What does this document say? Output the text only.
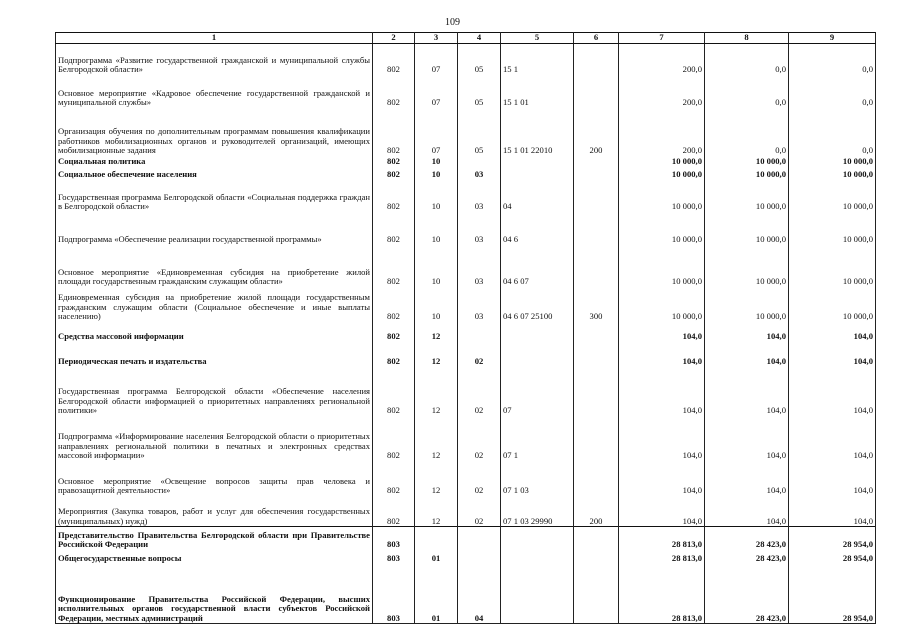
109
1	2	3	4	5	6	7	8	9
Подпрограмма «Развитие государственной гражданской и муниципальной службы Белгородской области»	802	07	05	15 1		200,0	0,0	0,0
Основное мероприятие «Кадровое обеспечение государственной гражданской и муниципальной службы»	802	07	05	15 1 01		200,0	0,0	0,0
Организация обучения по дополнительным программам повышения квалификации работников мобилизационных органов и руководителей организаций, имеющих мобилизационные задания	802	07	05	15 1 01 22010	200	200,0	0,0	0,0
Социальная политика	802	10				10 000,0	10 000,0	10 000,0
Социальное обеспечение населения	802	10	03			10 000,0	10 000,0	10 000,0
Государственная программа Белгородской области «Социальная поддержка граждан в Белгородской области»	802	10	03	04		10 000,0	10 000,0	10 000,0
Подпрограмма «Обеспечение реализации государственной программы»	802	10	03	04 6		10 000,0	10 000,0	10 000,0
Основное мероприятие «Единовременная субсидия на приобретение жилой площади государственным гражданским служащим области»	802	10	03	04 6 07		10 000,0	10 000,0	10 000,0
Единовременная субсидия на приобретение жилой площади государственным гражданским служащим области (Социальное обеспечение и иные выплаты населению)	802	10	03	04 6 07 25100	300	10 000,0	10 000,0	10 000,0
Средства массовой информации	802	12				104,0	104,0	104,0
Периодическая печать и издательства	802	12	02			104,0	104,0	104,0
Государственная программа Белгородской области «Обеспечение населения Белгородской области информацией о приоритетных направлениях региональной политики»	802	12	02	07		104,0	104,0	104,0
Подпрограмма «Информирование населения Белгородской области о приоритетных направлениях региональной политики в печатных и электронных средствах массовой информации»	802	12	02	07 1		104,0	104,0	104,0
Основное мероприятие «Освещение вопросов защиты прав человека и правозащитной деятельности»	802	12	02	07 1 03		104,0	104,0	104,0
Мероприятия (Закупка товаров, работ и услуг для обеспечения государственных (муниципальных) нужд)	802	12	02	07 1 03 29990	200	104,0	104,0	104,0
Представительство Правительства Белгородской области при Правительстве Российской Федерации	803					28 813,0	28 423,0	28 954,0
Общегосударственные вопросы	803	01				28 813,0	28 423,0	28 954,0
Функционирование Правительства Российской Федерации, высших исполнительных органов государственной власти субъектов Российской Федерации, местных администраций	803	01	04			28 813,0	28 423,0	28 954,0
